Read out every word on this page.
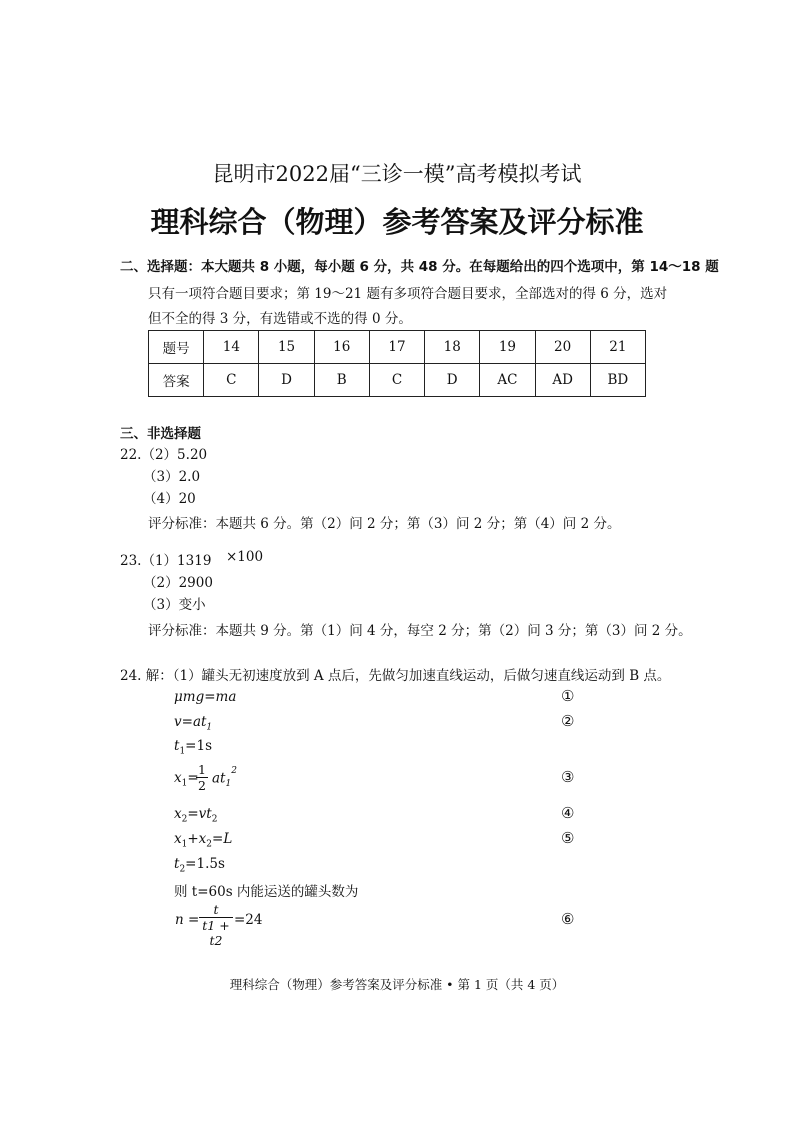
昆明市2022届“三诊一模”高考模拟考试
理科综合（物理）参考答案及评分标准
二、选择题：本大题共 8 小题，每小题 6 分，共 48 分。在每题给出的四个选项中，第 14～18 题
只有一项符合题目要求；第 19～21 题有多项符合题目要求，全部选对的得 6 分，选对
但不全的得 3 分，有选错或不选的得 0 分。
题号	14	15	16	17	18	19	20	21
答案	C	D	B	C	D	AC	AD	BD
三、非选择题
22.（2）5.20
（3）2.0
（4）20
评分标准：本题共 6 分。第（2）问 2 分；第（3）问 2 分；第（4）问 2 分。
23.（1）1319 ×100
（2）2900
（3）变小
评分标准：本题共 9 分。第（1）问 4 分，每空 2 分；第（2）问 3 分；第（3）问 2 分。
24. 解：（1）罐头无初速度放到 A 点后，先做匀加速直线运动，后做匀速直线运动到 B 点。
μmg=ma	①
$v=at_1$	②
$t_1=1s$
$x_1=$
$\frac{1}{2} at_1^2$	③
$x_2=vt_2$	④
$x_1+x_2=L$	⑤
$t_2=1.5s$
则 t=60s 内能运送的罐头数为
$n = \frac{t}{t1 + t2} =24$	⑥
理科综合（物理）参考答案及评分标准 • 第 1 页（共 4 页）
